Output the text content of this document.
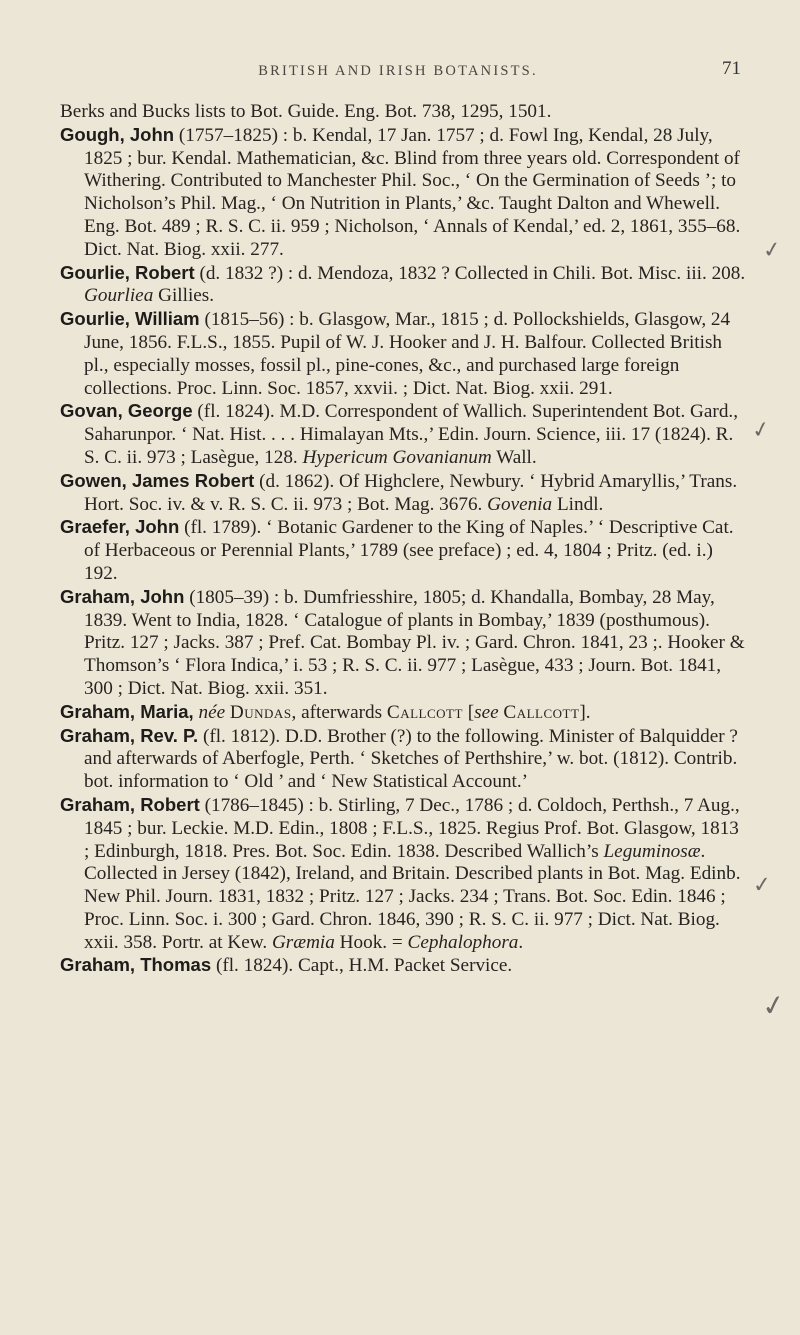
BRITISH AND IRISH BOTANISTS.	71

Berks and Bucks lists to Bot. Guide. Eng. Bot. 738, 1295, 1501.

Gough, John (1757–1825) : b. Kendal, 17 Jan. 1757 ; d. Fowl Ing, Kendal, 28 July, 1825 ; bur. Kendal. Mathematician, &c. Blind from three years old. Correspondent of Withering. Contributed to Manchester Phil. Soc., ‘ On the Germination of Seeds ’; to Nicholson’s Phil. Mag., ‘ On Nutrition in Plants,’ &c. Taught Dalton and Whewell. Eng. Bot. 489 ; R. S. C. ii. 959 ; Nicholson, ‘ Annals of Kendal,’ ed. 2, 1861, 355–68. Dict. Nat. Biog. xxii. 277.

Gourlie, Robert (d. 1832 ?) : d. Mendoza, 1832 ? Collected in Chili. Bot. Misc. iii. 208. Gourliea Gillies.

Gourlie, William (1815–56) : b. Glasgow, Mar., 1815 ; d. Pollockshields, Glasgow, 24 June, 1856. F.L.S., 1855. Pupil of W. J. Hooker and J. H. Balfour. Collected British pl., especially mosses, fossil pl., pine-cones, &c., and purchased large foreign collections. Proc. Linn. Soc. 1857, xxvii. ; Dict. Nat. Biog. xxii. 291.

Govan, George (fl. 1824). M.D. Correspondent of Wallich. Superintendent Bot. Gard., Saharunpor. ‘ Nat. Hist. . . . Himalayan Mts.,’ Edin. Journ. Science, iii. 17 (1824). R. S. C. ii. 973 ; Lasègue, 128. Hypericum Govanianum Wall.

Gowen, James Robert (d. 1862). Of Highclere, Newbury. ‘ Hybrid Amaryllis,’ Trans. Hort. Soc. iv. & v. R. S. C. ii. 973 ; Bot. Mag. 3676. Govenia Lindl.

Graefer, John (fl. 1789). ‘ Botanic Gardener to the King of Naples.’ ‘ Descriptive Cat. of Herbaceous or Perennial Plants,’ 1789 (see preface) ; ed. 4, 1804 ; Pritz. (ed. i.) 192.

Graham, John (1805–39) : b. Dumfriesshire, 1805; d. Khandalla, Bombay, 28 May, 1839. Went to India, 1828. ‘ Catalogue of plants in Bombay,’ 1839 (posthumous). Pritz. 127 ; Jacks. 387 ; Pref. Cat. Bombay Pl. iv. ; Gard. Chron. 1841, 23 ;. Hooker & Thomson’s ‘ Flora Indica,’ i. 53 ; R. S. C. ii. 977 ; Lasègue, 433 ; Journ. Bot. 1841, 300 ; Dict. Nat. Biog. xxii. 351.

Graham, Maria, née Dundas, afterwards Callcott [see Callcott].

Graham, Rev. P. (fl. 1812). D.D. Brother (?) to the following. Minister of Balquidder ? and afterwards of Aberfogle, Perth. ‘ Sketches of Perthshire,’ w. bot. (1812). Contrib. bot. information to ‘ Old ’ and ‘ New Statistical Account.’

Graham, Robert (1786–1845) : b. Stirling, 7 Dec., 1786 ; d. Coldoch, Perthsh., 7 Aug., 1845 ; bur. Leckie. M.D. Edin., 1808 ; F.L.S., 1825. Regius Prof. Bot. Glasgow, 1813 ; Edinburgh, 1818. Pres. Bot. Soc. Edin. 1838. Described Wallich’s Leguminosæ. Collected in Jersey (1842), Ireland, and Britain. Described plants in Bot. Mag. Edinb. New Phil. Journ. 1831, 1832 ; Pritz. 127 ; Jacks. 234 ; Trans. Bot. Soc. Edin. 1846 ; Proc. Linn. Soc. i. 300 ; Gard. Chron. 1846, 390 ; R. S. C. ii. 977 ; Dict. Nat. Biog. xxii. 358. Portr. at Kew. Græmia Hook. = Cephalophora.

Graham, Thomas (fl. 1824). Capt., H.M. Packet Service.

✓
✓
✓
✓
